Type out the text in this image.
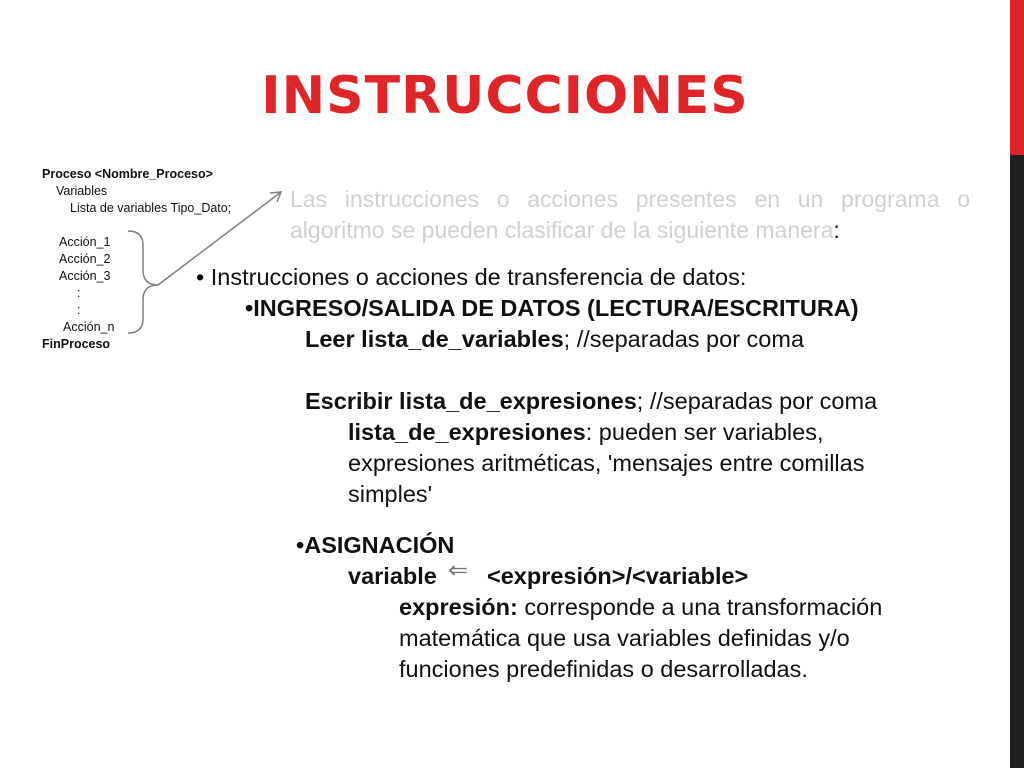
INSTRUCCIONES
Proceso <Nombre_Proceso>
Variables
Lista de variables Tipo_Dato;
Acción_1
Acción_2
Acción_3
:
:
Acción_n
FinProceso
Las instrucciones o acciones presentes en un programa o algoritmo se pueden clasificar de la siguiente manera:
• Instrucciones o acciones de transferencia de datos:
•INGRESO/SALIDA DE DATOS (LECTURA/ESCRITURA)
Leer lista_de_variables; //separadas por coma
Escribir lista_de_expresiones; //separadas por coma
lista_de_expresiones: pueden ser variables,
expresiones aritméticas, 'mensajes entre comillas
simples'
•ASIGNACIÓN
variable ⇐ <expresión>/<variable>
expresión: corresponde a una transformación
matemática que usa variables definidas y/o
funciones predefinidas o desarrolladas.
